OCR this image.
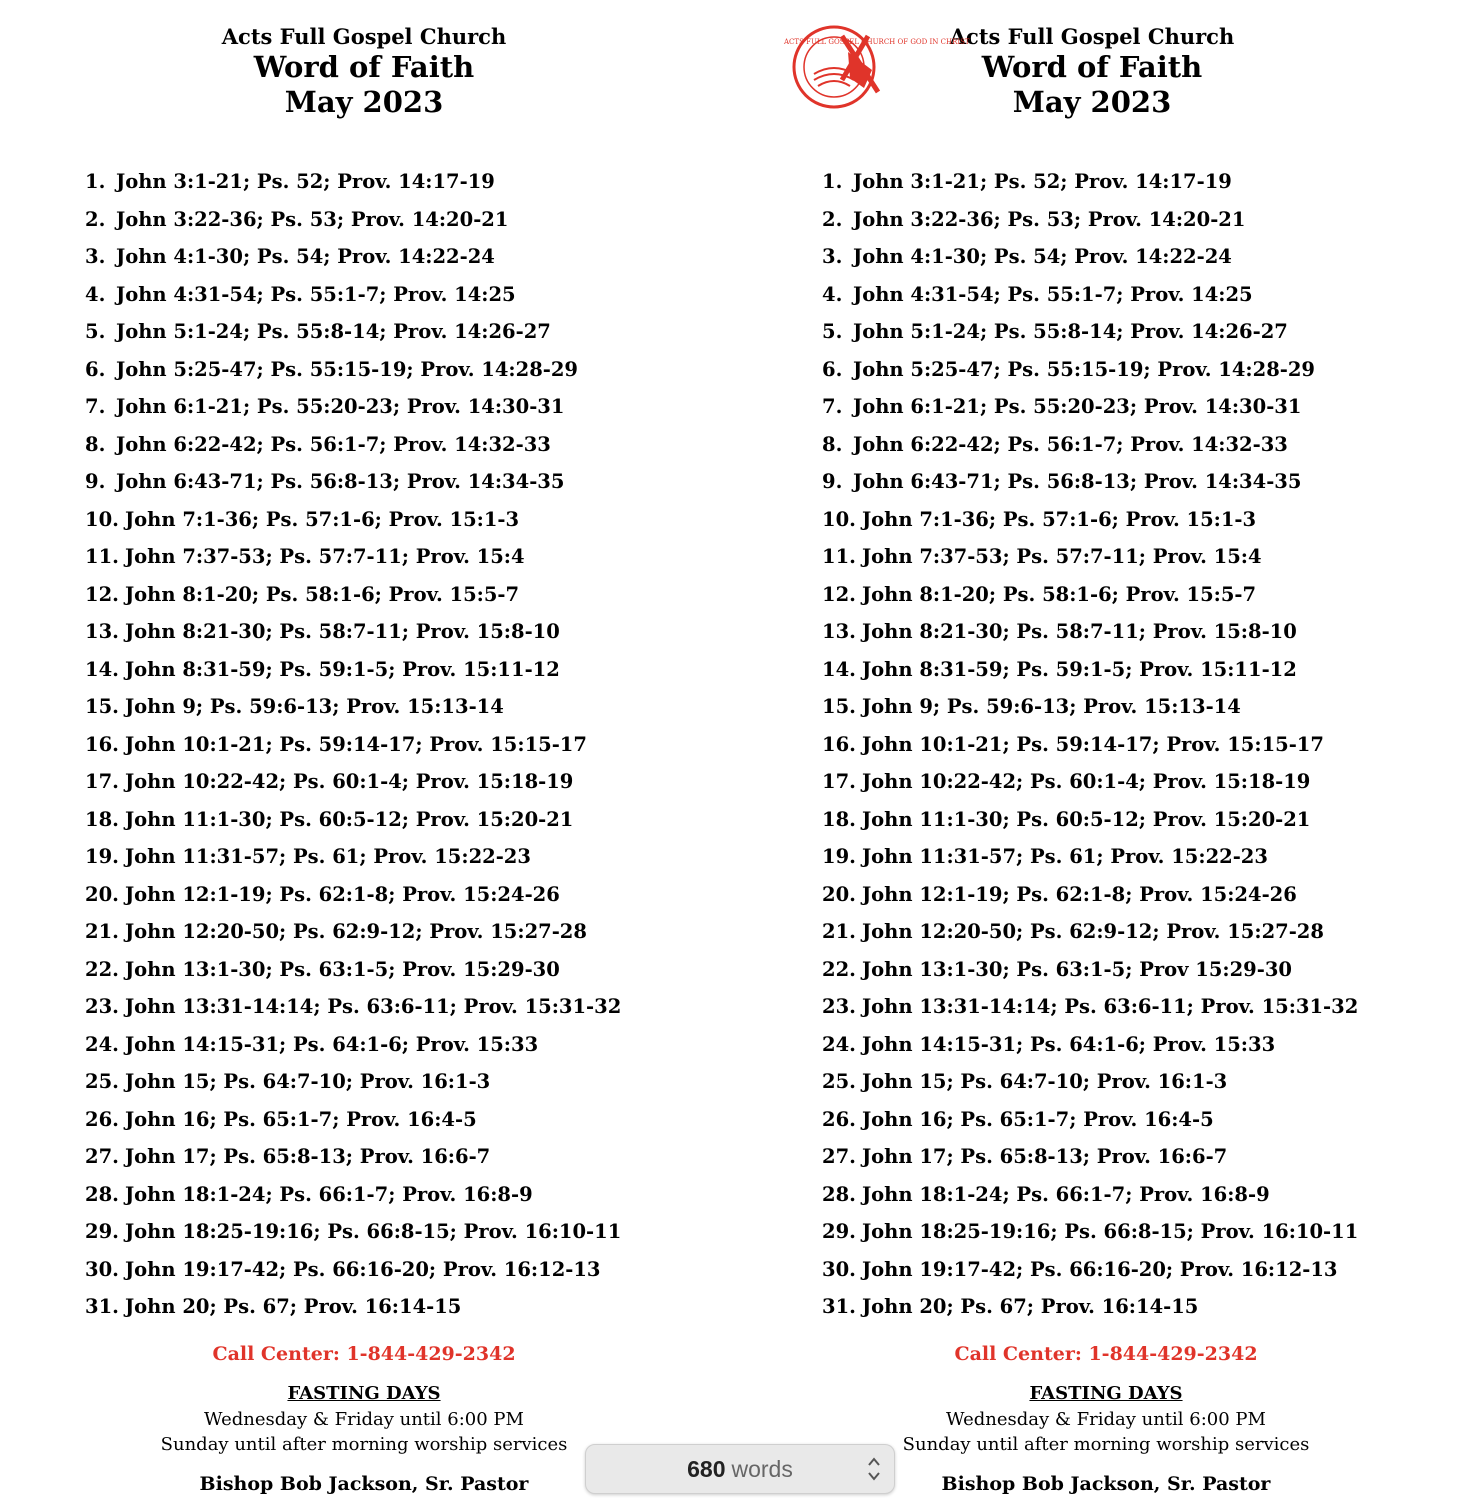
Acts Full Gospel Church
Word of Faith
May 2023
1. John 3:1-21; Ps. 52; Prov. 14:17-19
2. John 3:22-36; Ps. 53; Prov. 14:20-21
3. John 4:1-30; Ps. 54; Prov. 14:22-24
4. John 4:31-54; Ps. 55:1-7; Prov. 14:25
5. John 5:1-24; Ps. 55:8-14; Prov. 14:26-27
6. John 5:25-47; Ps. 55:15-19; Prov. 14:28-29
7. John 6:1-21; Ps. 55:20-23; Prov. 14:30-31
8. John 6:22-42; Ps. 56:1-7; Prov. 14:32-33
9. John 6:43-71; Ps. 56:8-13; Prov. 14:34-35
10. John 7:1-36; Ps. 57:1-6; Prov. 15:1-3
11. John 7:37-53; Ps. 57:7-11; Prov. 15:4
12. John 8:1-20; Ps. 58:1-6; Prov. 15:5-7
13. John 8:21-30; Ps. 58:7-11; Prov. 15:8-10
14. John 8:31-59; Ps. 59:1-5; Prov. 15:11-12
15. John 9; Ps. 59:6-13; Prov. 15:13-14
16. John 10:1-21; Ps. 59:14-17; Prov. 15:15-17
17. John 10:22-42; Ps. 60:1-4; Prov. 15:18-19
18. John 11:1-30; Ps. 60:5-12; Prov. 15:20-21
19. John 11:31-57; Ps. 61; Prov. 15:22-23
20. John 12:1-19; Ps. 62:1-8; Prov. 15:24-26
21. John 12:20-50; Ps. 62:9-12; Prov. 15:27-28
22. John 13:1-30; Ps. 63:1-5; Prov. 15:29-30
23. John 13:31-14:14; Ps. 63:6-11; Prov. 15:31-32
24. John 14:15-31; Ps. 64:1-6; Prov. 15:33
25. John 15; Ps. 64:7-10; Prov. 16:1-3
26. John 16; Ps. 65:1-7; Prov. 16:4-5
27. John 17; Ps. 65:8-13; Prov. 16:6-7
28. John 18:1-24; Ps. 66:1-7; Prov. 16:8-9
29. John 18:25-19:16; Ps. 66:8-15; Prov. 16:10-11
30. John 19:17-42; Ps. 66:16-20; Prov. 16:12-13
31. John 20; Ps. 67; Prov. 16:14-15
Call Center: 1-844-429-2342
FASTING DAYS
Wednesday & Friday until 6:00 PM
Sunday until after morning worship services
Bishop Bob Jackson, Sr. Pastor
Acts Full Gospel Church
Word of Faith
May 2023
1. John 3:1-21; Ps. 52; Prov. 14:17-19
2. John 3:22-36; Ps. 53; Prov. 14:20-21
3. John 4:1-30; Ps. 54; Prov. 14:22-24
4. John 4:31-54; Ps. 55:1-7; Prov. 14:25
5. John 5:1-24; Ps. 55:8-14; Prov. 14:26-27
6. John 5:25-47; Ps. 55:15-19; Prov. 14:28-29
7. John 6:1-21; Ps. 55:20-23; Prov. 14:30-31
8. John 6:22-42; Ps. 56:1-7; Prov. 14:32-33
9. John 6:43-71; Ps. 56:8-13; Prov. 14:34-35
10. John 7:1-36; Ps. 57:1-6; Prov. 15:1-3
11. John 7:37-53; Ps. 57:7-11; Prov. 15:4
12. John 8:1-20; Ps. 58:1-6; Prov. 15:5-7
13. John 8:21-30; Ps. 58:7-11; Prov. 15:8-10
14. John 8:31-59; Ps. 59:1-5; Prov. 15:11-12
15. John 9; Ps. 59:6-13; Prov. 15:13-14
16. John 10:1-21; Ps. 59:14-17; Prov. 15:15-17
17. John 10:22-42; Ps. 60:1-4; Prov. 15:18-19
18. John 11:1-30; Ps. 60:5-12; Prov. 15:20-21
19. John 11:31-57; Ps. 61; Prov. 15:22-23
20. John 12:1-19; Ps. 62:1-8; Prov. 15:24-26
21. John 12:20-50; Ps. 62:9-12; Prov. 15:27-28
22. John 13:1-30; Ps. 63:1-5; Prov 15:29-30
23. John 13:31-14:14; Ps. 63:6-11; Prov. 15:31-32
24. John 14:15-31; Ps. 64:1-6; Prov. 15:33
25. John 15; Ps. 64:7-10; Prov. 16:1-3
26. John 16; Ps. 65:1-7; Prov. 16:4-5
27. John 17; Ps. 65:8-13; Prov. 16:6-7
28. John 18:1-24; Ps. 66:1-7; Prov. 16:8-9
29. John 18:25-19:16; Ps. 66:8-15; Prov. 16:10-11
30. John 19:17-42; Ps. 66:16-20; Prov. 16:12-13
31. John 20; Ps. 67; Prov. 16:14-15
Call Center: 1-844-429-2342
FASTING DAYS
Wednesday & Friday until 6:00 PM
Sunday until after morning worship services
Bishop Bob Jackson, Sr. Pastor
ACTS FULL GOSPEL CHURCH OF GOD IN CHRIST
680 words
